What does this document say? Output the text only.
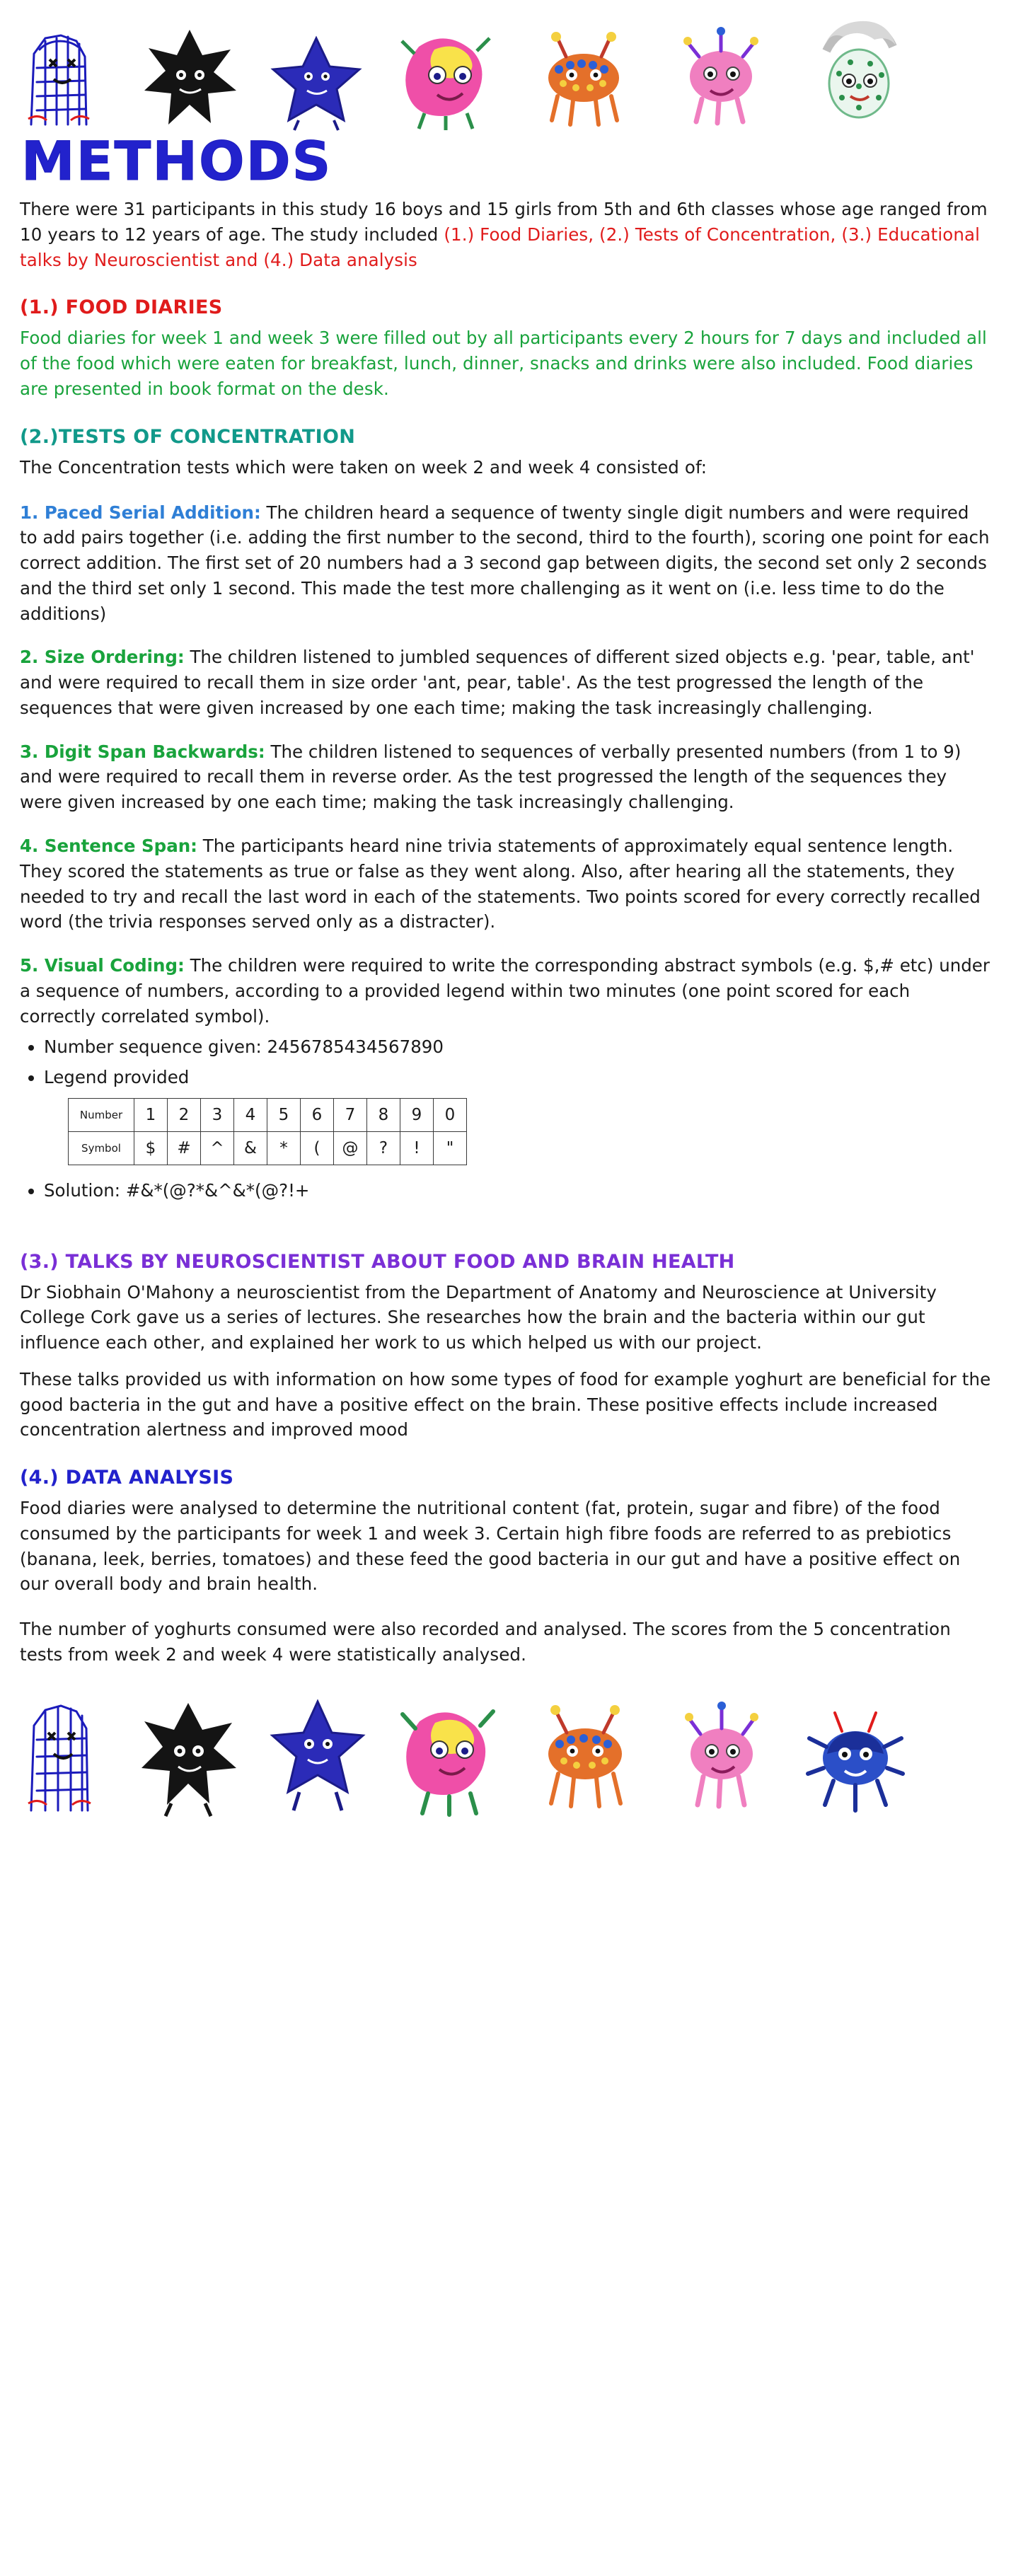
METHODS

There were 31 participants in this study 16 boys and 15 girls from 5th and 6th classes whose age ranged from 10 years to 12 years of age. The study included (1.) Food Diaries, (2.) Tests of Concentration, (3.) Educational talks by Neuroscientist and (4.) Data analysis

(1.) FOOD DIARIES

Food diaries for week 1 and week 3 were filled out by all participants every 2 hours for 7 days and included all of the food which were eaten for breakfast, lunch, dinner, snacks and drinks were also included. Food diaries are presented in book format on the desk.

(2.)TESTS OF CONCENTRATION

The Concentration tests which were taken on week 2 and week 4 consisted of:

1. Paced Serial Addition: The children heard a sequence of twenty single digit numbers and were required to add pairs together (i.e. adding the first number to the second, third to the fourth), scoring one point for each correct addition. The first set of 20 numbers had a 3 second gap between digits, the second set only 2 seconds and the third set only 1 second. This made the test more challenging as it went on (i.e. less time to do the additions)

2. Size Ordering: The children listened to jumbled sequences of different sized objects e.g. 'pear, table, ant' and were required to recall them in size order 'ant, pear, table'. As the test progressed the length of the sequences that were given increased by one each time; making the task increasingly challenging.

3. Digit Span Backwards: The children listened to sequences of verbally presented numbers (from 1 to 9) and were required to recall them in reverse order. As the test progressed the length of the sequences they were given increased by one each time; making the task increasingly challenging.

4. Sentence Span: The participants heard nine trivia statements of approximately equal sentence length. They scored the statements as true or false as they went along. Also, after hearing all the statements, they needed to try and recall the last word in each of the statements. Two points scored for every correctly recalled word (the trivia responses served only as a distracter).

5. Visual Coding: The children were required to write the corresponding abstract symbols (e.g. $,# etc) under a sequence of numbers, according to a provided legend within two minutes (one point scored for each correctly correlated symbol).

• Number sequence given: 2456785434567890
• Legend provided
Number	1	2	3	4	5	6	7	8	9	0
Symbol	$	#	^	&	*	(	@	?	!	"
• Solution: #&*(@?*&^&*(@?!+
(3.) TALKS BY NEUROSCIENTIST ABOUT FOOD AND BRAIN HEALTH

Dr Siobhain O'Mahony a neuroscientist from the Department of Anatomy and Neuroscience at University College Cork gave us a series of lectures. She researches how the brain and the bacteria within our gut influence each other, and explained her work to us which helped us with our project.

These talks provided us with information on how some types of food for example yoghurt are beneficial for the good bacteria in the gut and have a positive effect on the brain. These positive effects include increased concentration alertness and improved mood

(4.) DATA ANALYSIS

Food diaries were analysed to determine the nutritional content (fat, protein, sugar and fibre) of the food consumed by the participants for week 1 and week 3. Certain high fibre foods are referred to as prebiotics (banana, leek, berries, tomatoes) and these feed the good bacteria in our gut and have a positive effect on our overall body and brain health.

The number of yoghurts consumed were also recorded and analysed. The scores from the 5 concentration tests from week 2 and week 4 were statistically analysed.
